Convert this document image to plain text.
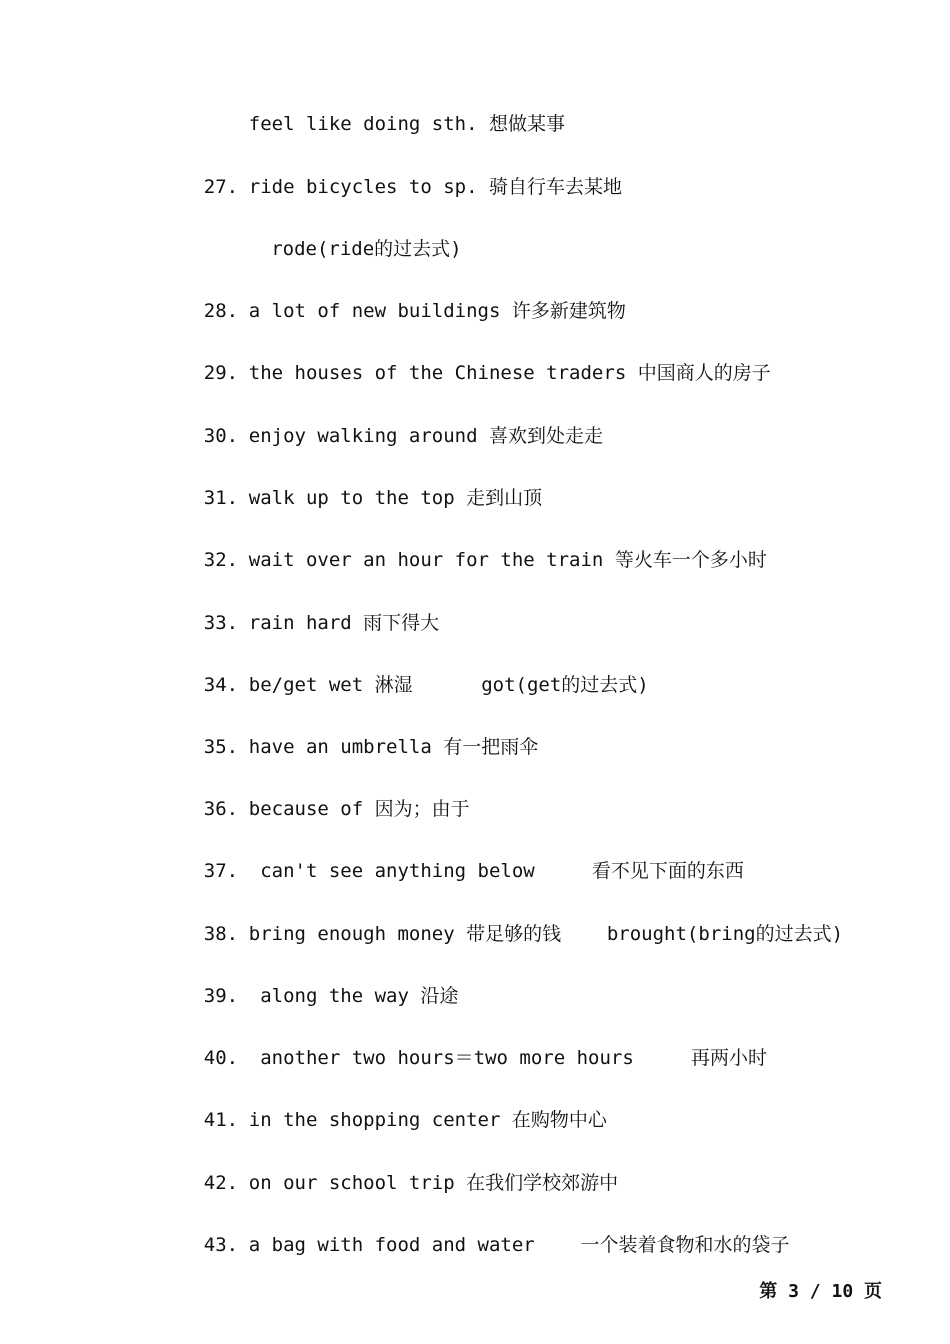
feel like doing sth. 想做某事

27. ride bicycles to sp. 骑自行车去某地

rode(ride的过去式)

28. a lot of new buildings 许多新建筑物

29. the houses of the Chinese traders 中国商人的房子

30. enjoy walking around 喜欢到处走走

31. walk up to the top 走到山顶

32. wait over an hour for the train 等火车一个多小时

33. rain hard 雨下得大

34. be/get wet 淋湿      got(get的过去式)

35. have an umbrella 有一把雨伞

36. because of 因为；由于

37. can't see anything below     看不见下面的东西

38. bring enough money 带足够的钱    brought(bring的过去式)

39. along the way 沿途

40. another two hours＝two more hours     再两小时

41. in the shopping center 在购物中心

42. on our school trip 在我们学校郊游中

43. a bag with food and water    一个装着食物和水的袋子

第 3 / 10 页
